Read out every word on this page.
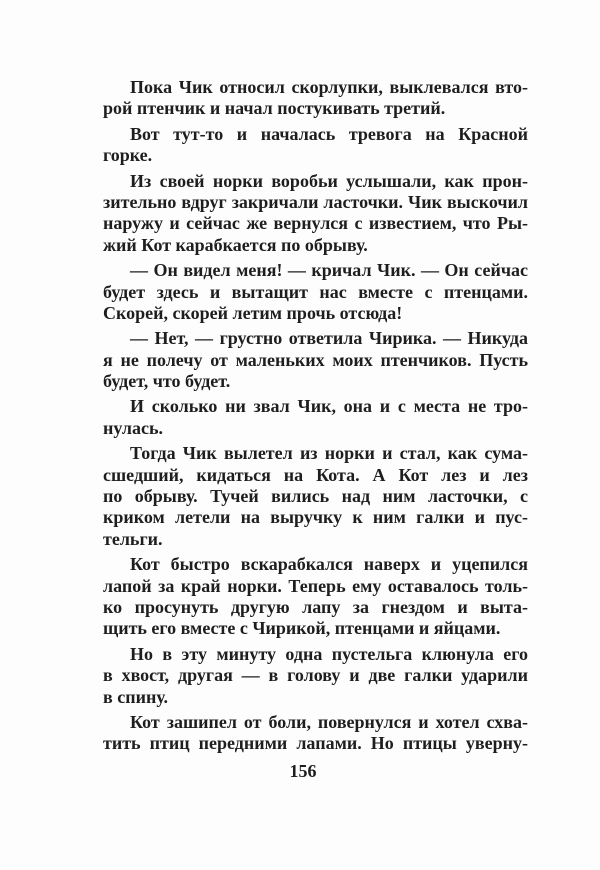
Пока Чик относил скорлупки, выклевался вто-
рой птенчик и начал постукивать третий.
Вот тут-то и началась тревога на Красной
горке.
Из своей норки воробьи услышали, как прон-
зительно вдруг закричали ласточки. Чик выскочил
наружу и сейчас же вернулся с известием, что Ры-
жий Кот карабкается по обрыву.
— Он видел меня! — кричал Чик. — Он сейчас
будет здесь и вытащит нас вместе с птенцами.
Скорей, скорей летим прочь отсюда!
— Нет, — грустно ответила Чирика. — Никуда
я не полечу от маленьких моих птенчиков. Пусть
будет, что будет.
И сколько ни звал Чик, она и с места не тро-
нулась.
Тогда Чик вылетел из норки и стал, как сума-
сшедший, кидаться на Кота. А Кот лез и лез
по обрыву. Тучей вились над ним ласточки, с
криком летели на выручку к ним галки и пус-
тельги.
Кот быстро вскарабкался наверх и уцепился
лапой за край норки. Теперь ему оставалось толь-
ко просунуть другую лапу за гнездом и выта-
щить его вместе с Чирикой, птенцами и яйцами.
Но в эту минуту одна пустельга клюнула его
в хвост, другая — в голову и две галки ударили
в спину.
Кот зашипел от боли, повернулся и хотел схва-
тить птиц передними лапами. Но птицы уверну-
156
